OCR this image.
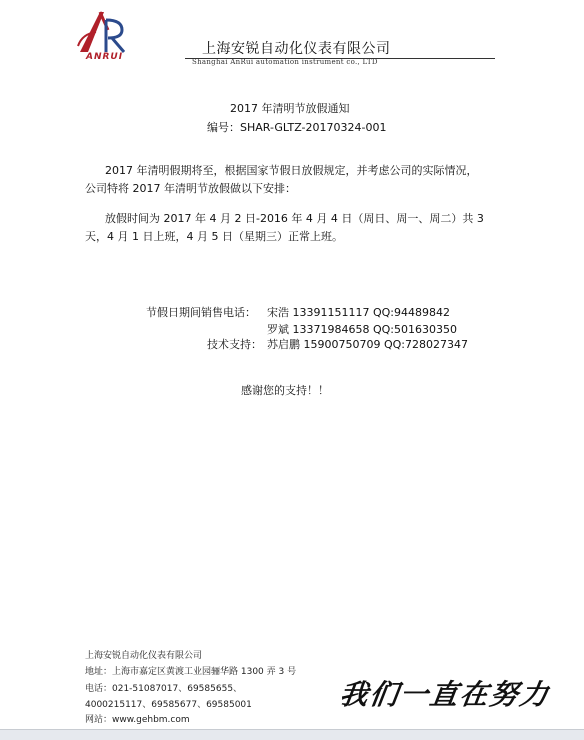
ANRUI	上海安锐自动化仪表有限公司
Shanghai AnRui automation instrument co., LTD
2017 年清明节放假通知
编号：SHAR-GLTZ-20170324-001
2017 年清明假期将至，根据国家节假日放假规定，并考虑公司的实际情况，
公司特将 2017 年清明节放假做以下安排：
放假时间为 2017 年 4 月 2 日-2016 年 4 月 4 日（周日、周一、周二）共 3
天，4 月 1 日上班，4 月 5 日（星期三）正常上班。
节假日期间销售电话： 宋浩 13391151117 QQ:94489842
罗斌 13371984658 QQ:501630350
技术支持： 苏启鹏 15900750709 QQ:728027347
感谢您的支持！！
上海安锐自动化仪表有限公司
地址：上海市嘉定区黄渡工业园骊华路 1300 弄 3 号
电话：021-51087017、69585655、
4000215117、69585677、69585001
网站：www.gehbm.com
我们一直在努力
